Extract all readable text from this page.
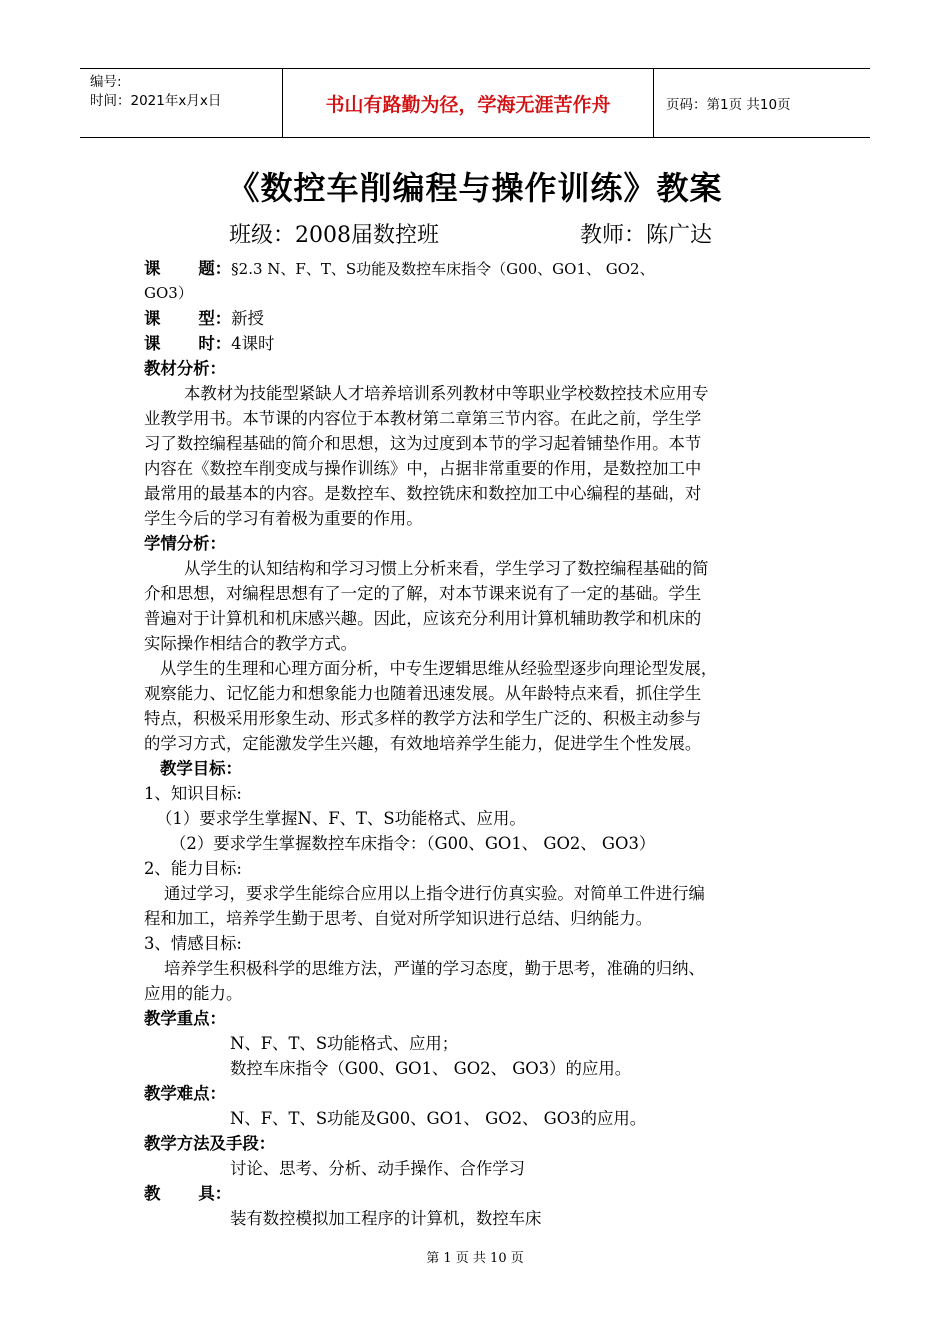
编号:
时间：2021年x月x日	书山有路勤为径，学海无涯苦作舟	页码：第1页 共10页
《数控车削编程与操作训练》教案
班级：2008届数控班	教师：陈广达
课 题：§2.3 N、F、T、S功能及数控车床指令（G00、GO1、 GO2、
GO3）
课 型：新授
课 时：4课时
教材分析：
本教材为技能型紧缺人才培养培训系列教材中等职业学校数控技术应用专
业教学用书。本节课的内容位于本教材第二章第三节内容。在此之前，学生学
习了数控编程基础的简介和思想，这为过度到本节的学习起着铺垫作用。本节
内容在《数控车削变成与操作训练》中，占据非常重要的作用，是数控加工中
最常用的最基本的内容。是数控车、数控铣床和数控加工中心编程的基础，对
学生今后的学习有着极为重要的作用。
学情分析：
从学生的认知结构和学习习惯上分析来看，学生学习了数控编程基础的简
介和思想，对编程思想有了一定的了解，对本节课来说有了一定的基础。学生
普遍对于计算机和机床感兴趣。因此，应该充分利用计算机辅助教学和机床的
实际操作相结合的教学方式。
从学生的生理和心理方面分析，中专生逻辑思维从经验型逐步向理论型发展，
观察能力、记忆能力和想象能力也随着迅速发展。从年龄特点来看，抓住学生
特点，积极采用形象生动、形式多样的教学方法和学生广泛的、积极主动参与
的学习方式，定能激发学生兴趣，有效地培养学生能力，促进学生个性发展。
教学目标：
1、知识目标:
（1）要求学生掌握N、F、T、S功能格式、应用。
（2）要求学生掌握数控车床指令：（G00、GO1、 GO2、 GO3）
2、能力目标:
通过学习，要求学生能综合应用以上指令进行仿真实验。对简单工件进行编
程和加工，培养学生勤于思考、自觉对所学知识进行总结、归纳能力。
3、情感目标:
培养学生积极科学的思维方法，严谨的学习态度，勤于思考，准确的归纳、
应用的能力。
教学重点：
N、F、T、S功能格式、应用；
数控车床指令（G00、GO1、 GO2、 GO3）的应用。
教学难点：
N、F、T、S功能及G00、GO1、 GO2、 GO3的应用。
教学方法及手段：
讨论、思考、分析、动手操作、合作学习
教 具：
装有数控模拟加工程序的计算机，数控车床
第 1 页 共 10 页
